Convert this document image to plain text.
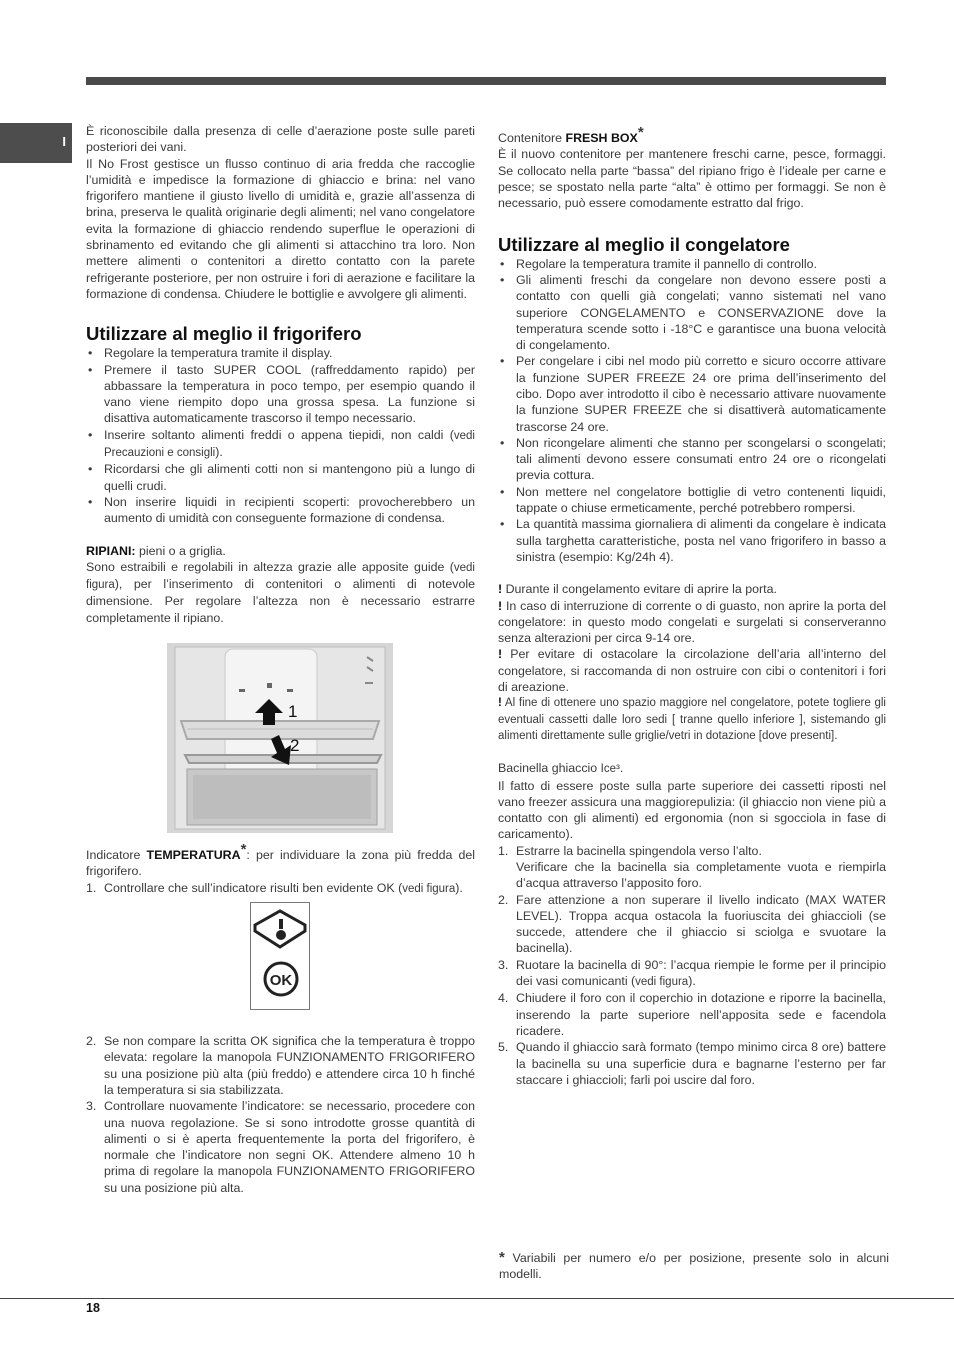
I

È riconoscibile dalla presenza di celle d’aerazione poste sulle pareti posteriori dei vani.

Il No Frost gestisce un flusso continuo di aria fredda che raccoglie l’umidità e impedisce la formazione di ghiaccio e brina: nel vano frigorifero mantiene il giusto livello di umidità e, grazie all’assenza di brina, preserva le qualità originarie degli alimenti; nel vano congelatore evita la formazione di ghiaccio rendendo superflue le operazioni di sbrinamento ed evitando che gli alimenti si attacchino tra loro. Non mettere alimenti o contenitori a diretto contatto con la parete refrigerante posteriore, per non ostruire i fori di aerazione e facilitare la formazione di condensa. Chiudere le bottiglie e avvolgere gli alimenti.

Utilizzare al meglio il frigorifero
• Regolare la temperatura tramite il display.
• Premere il tasto SUPER COOL (raffreddamento rapido) per abbassare la temperatura in poco tempo, per esempio quando il vano viene riempito dopo una grossa spesa. La funzione si disattiva automaticamente trascorso il tempo necessario.
• Inserire soltanto alimenti freddi o appena tiepidi, non caldi (vedi Precauzioni e consigli).
• Ricordarsi che gli alimenti cotti non si mantengono più a lungo di quelli crudi.
• Non inserire liquidi in recipienti scoperti: provocherebbero un aumento di umidità con conseguente formazione di condensa.

RIPIANI: pieni o a griglia.

Sono estraibili e regolabili in altezza grazie alle apposite guide (vedi figura), per l’inserimento di contenitori o alimenti di notevole dimensione. Per regolare l’altezza non è necessario estrarre completamente il ripiano.

1
2

Indicatore TEMPERATURA*: per individuare la zona più fredda del frigorifero.

1. Controllare che sull’indicatore risulti ben evidente OK (vedi figura).
OK
2. Se non compare la scritta OK significa che la temperatura è troppo elevata: regolare la manopola FUNZIONAMENTO FRIGORIFERO su una posizione più alta (più freddo) e attendere circa 10 h finché la temperatura si sia stabilizzata.
3. Controllare nuovamente l’indicatore: se necessario, procedere con una nuova regolazione. Se si sono introdotte grosse quantità di alimenti o si è aperta frequentemente la porta del frigorifero, è normale che l’indicatore non segni OK. Attendere almeno 10 h prima di regolare la manopola FUNZIONAMENTO FRIGORIFERO su una posizione più alta.

Contenitore FRESH BOX*

È il nuovo contenitore per mantenere freschi carne, pesce, formaggi. Se collocato nella parte “bassa” del ripiano frigo è l’ideale per carne e pesce; se spostato nella parte “alta” è ottimo per formaggi. Se non è necessario, può essere comodamente estratto dal frigo.

Utilizzare al meglio il congelatore
• Regolare la temperatura tramite il pannello di controllo.
• Gli alimenti freschi da congelare non devono essere posti a contatto con quelli già congelati; vanno sistemati nel vano superiore CONGELAMENTO e CONSERVAZIONE dove la temperatura scende sotto i -18°C e garantisce una buona velocità di congelamento.
• Per congelare i cibi nel modo più corretto e sicuro occorre attivare la funzione SUPER FREEZE 24 ore prima dell’inserimento del cibo. Dopo aver introdotto il cibo è necessario attivare nuovamente la funzione SUPER FREEZE che si disattiverà automaticamente trascorse 24 ore.
• Non ricongelare alimenti che stanno per scongelarsi o scongelati; tali alimenti devono essere consumati entro 24 ore o ricongelati previa cottura.
• Non mettere nel congelatore bottiglie di vetro contenenti liquidi, tappate o chiuse ermeticamente, perché potrebbero rompersi.
• La quantità massima giornaliera di alimenti da congelare è indicata sulla targhetta caratteristiche, posta nel vano frigorifero in basso a sinistra (esempio: Kg/24h 4).

! Durante il congelamento evitare di aprire la porta.

! In caso di interruzione di corrente o di guasto, non aprire la porta del congelatore: in questo modo congelati e surgelati si conserveranno senza alterazioni per circa 9-14 ore.

! Per evitare di ostacolare la circolazione dell’aria all’interno del congelatore, si raccomanda di non ostruire con cibi o contenitori i fori di areazione.

! Al fine di ottenere uno spazio maggiore nel congelatore, potete togliere gli eventuali cassetti dalle loro sedi [ tranne quello inferiore ], sistemando gli alimenti direttamente sulle griglie/vetri in dotazione [dove presenti].

Bacinella ghiaccio Ice³.

Il fatto di essere poste sulla parte superiore dei cassetti riposti nel vano freezer assicura una maggiorepulizia: (il ghiaccio non viene più a contatto con gli alimenti) ed ergonomia (non si sgocciola in fase di caricamento).

1. Estrarre la bacinella spingendola verso l’alto.
Verificare che la bacinella sia completamente vuota e riempirla d’acqua attraverso l’apposito foro.
2. Fare attenzione a non superare il livello indicato (MAX WATER LEVEL). Troppa acqua ostacola la fuoriuscita dei ghiaccioli (se succede, attendere che il ghiaccio si sciolga e svuotare la bacinella).
3. Ruotare la bacinella di 90°: l’acqua riempie le forme per il principio dei vasi comunicanti (vedi figura).
4. Chiudere il foro con il coperchio in dotazione e riporre la bacinella, inserendo la parte superiore nell’apposita sede e facendola ricadere.
5. Quando il ghiaccio sarà formato (tempo minimo circa 8 ore) battere la bacinella su una superficie dura e bagnarne l’esterno per far staccare i ghiaccioli; farli poi uscire dal foro.

* Variabili per numero e/o per posizione, presente solo in alcuni modelli.

18
